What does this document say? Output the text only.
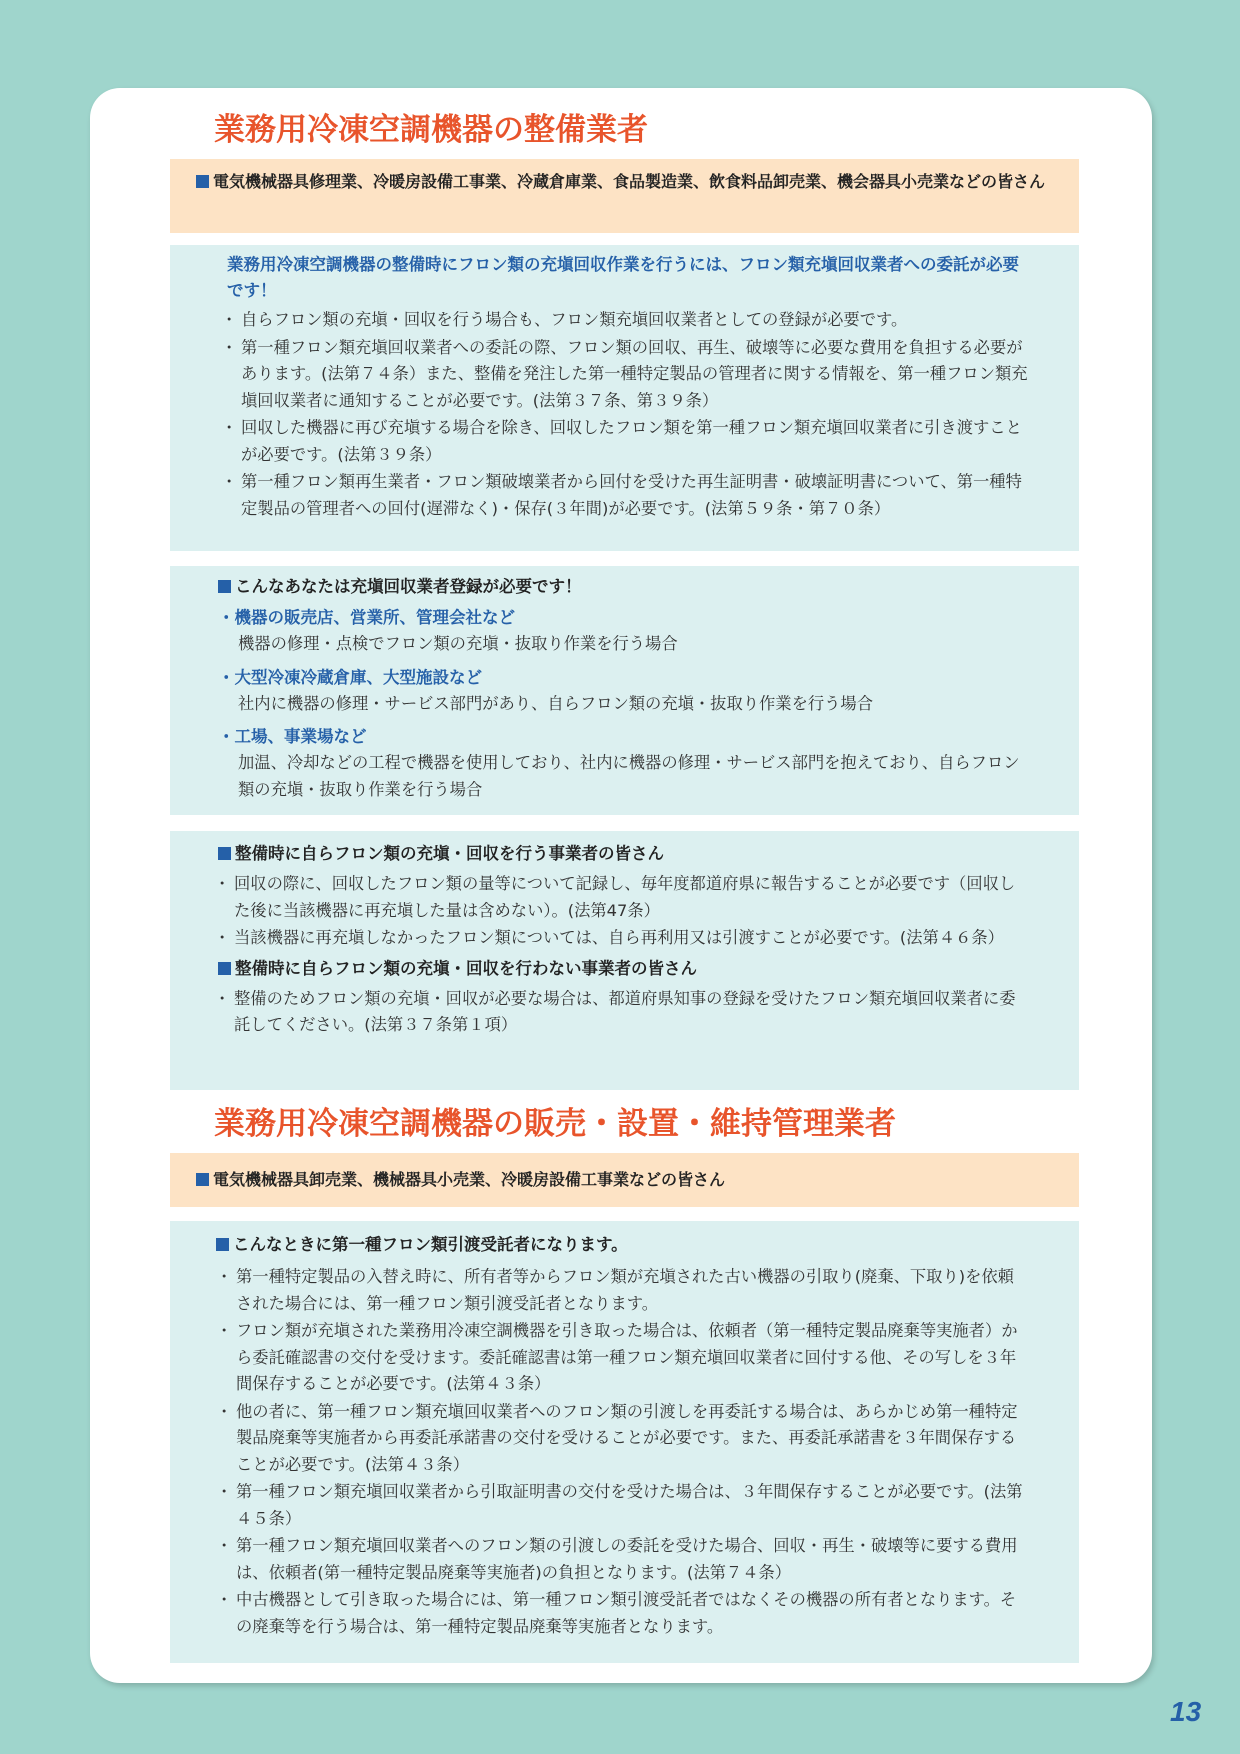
業務用冷凍空調機器の整備業者
電気機械器具修理業、冷暖房設備工事業、冷蔵倉庫業、食品製造業、飲食料品卸売業、機会器具小売業などの皆さん

業務用冷凍空調機器の整備時にフロン類の充塡回収作業を行うには、フロン類充塡回収業者への委託が必要です！

・ 自らフロン類の充塡・回収を行う場合も、フロン類充塡回収業者としての登録が必要です。
・ 第一種フロン類充塡回収業者への委託の際、フロン類の回収、再生、破壊等に必要な費用を負担する必要があります。(法第７４条）また、整備を発注した第一種特定製品の管理者に関する情報を、第一種フロン類充塡回収業者に通知することが必要です。(法第３７条、第３９条）
・ 回収した機器に再び充塡する場合を除き、回収したフロン類を第一種フロン類充塡回収業者に引き渡すことが必要です。(法第３９条）
・ 第一種フロン類再生業者・フロン類破壊業者から回付を受けた再生証明書・破壊証明書について、第一種特定製品の管理者への回付(遅滞なく)・保存(３年間)が必要です。(法第５９条・第７０条）

こんなあなたは充塡回収業者登録が必要です！

・機器の販売店、営業所、管理会社など

機器の修理・点検でフロン類の充塡・抜取り作業を行う場合

・大型冷凍冷蔵倉庫、大型施設など

社内に機器の修理・サービス部門があり、自らフロン類の充塡・抜取り作業を行う場合

・工場、事業場など

加温、冷却などの工程で機器を使用しており、社内に機器の修理・サービス部門を抱えており、自らフロン類の充塡・抜取り作業を行う場合

整備時に自らフロン類の充塡・回収を行う事業者の皆さん

・ 回収の際に、回収したフロン類の量等について記録し、毎年度都道府県に報告することが必要です（回収した後に当該機器に再充塡した量は含めない）。(法第47条）
・ 当該機器に再充塡しなかったフロン類については、自ら再利用又は引渡すことが必要です。(法第４６条）

整備時に自らフロン類の充塡・回収を行わない事業者の皆さん

・ 整備のためフロン類の充塡・回収が必要な場合は、都道府県知事の登録を受けたフロン類充塡回収業者に委託してください。(法第３７条第１項）
業務用冷凍空調機器の販売・設置・維持管理業者
電気機械器具卸売業、機械器具小売業、冷暖房設備工事業などの皆さん

こんなときに第一種フロン類引渡受託者になります。

・ 第一種特定製品の入替え時に、所有者等からフロン類が充塡された古い機器の引取り(廃棄、下取り)を依頼された場合には、第一種フロン類引渡受託者となります。
・ フロン類が充塡された業務用冷凍空調機器を引き取った場合は、依頼者（第一種特定製品廃棄等実施者）から委託確認書の交付を受けます。委託確認書は第一種フロン類充塡回収業者に回付する他、その写しを３年間保存することが必要です。(法第４３条）
・ 他の者に、第一種フロン類充塡回収業者へのフロン類の引渡しを再委託する場合は、あらかじめ第一種特定製品廃棄等実施者から再委託承諾書の交付を受けることが必要です。また、再委託承諾書を３年間保存することが必要です。(法第４３条）
・ 第一種フロン類充塡回収業者から引取証明書の交付を受けた場合は、３年間保存することが必要です。(法第４５条）
・ 第一種フロン類充塡回収業者へのフロン類の引渡しの委託を受けた場合、回収・再生・破壊等に要する費用は、依頼者(第一種特定製品廃棄等実施者)の負担となります。(法第７４条）
・ 中古機器として引き取った場合には、第一種フロン類引渡受託者ではなくその機器の所有者となります。その廃棄等を行う場合は、第一種特定製品廃棄等実施者となります。
13
